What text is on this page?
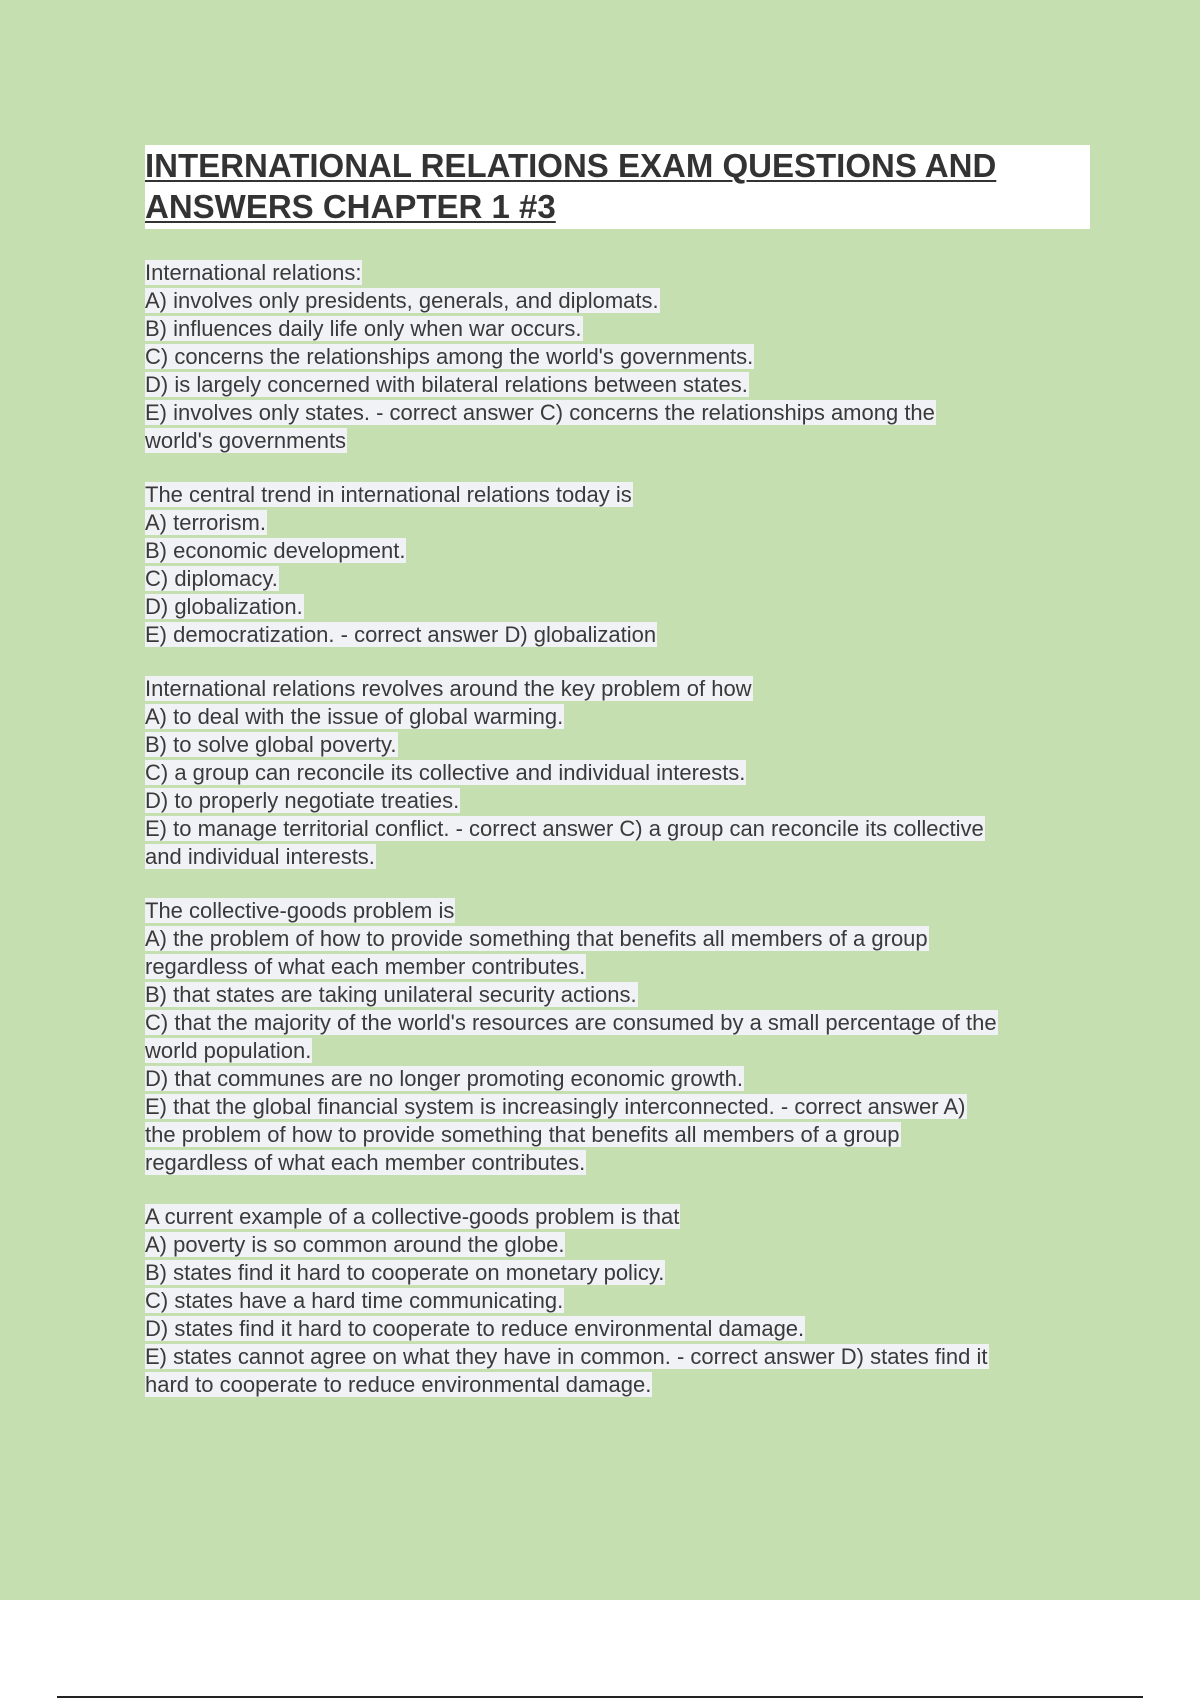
INTERNATIONAL RELATIONS EXAM QUESTIONS AND
ANSWERS CHAPTER 1 #3
International relations:
A) involves only presidents, generals, and diplomats.
B) influences daily life only when war occurs.
C) concerns the relationships among the world's governments.
D) is largely concerned with bilateral relations between states.
E) involves only states. - correct answer C) concerns the relationships among the
world's governments
The central trend in international relations today is
A) terrorism.
B) economic development.
C) diplomacy.
D) globalization.
E) democratization. - correct answer D) globalization
International relations revolves around the key problem of how
A) to deal with the issue of global warming.
B) to solve global poverty.
C) a group can reconcile its collective and individual interests.
D) to properly negotiate treaties.
E) to manage territorial conflict. - correct answer C) a group can reconcile its collective
and individual interests.
The collective-goods problem is
A) the problem of how to provide something that benefits all members of a group
regardless of what each member contributes.
B) that states are taking unilateral security actions.
C) that the majority of the world's resources are consumed by a small percentage of the
world population.
D) that communes are no longer promoting economic growth.
E) that the global financial system is increasingly interconnected. - correct answer A)
the problem of how to provide something that benefits all members of a group
regardless of what each member contributes.
A current example of a collective-goods problem is that
A) poverty is so common around the globe.
B) states find it hard to cooperate on monetary policy.
C) states have a hard time communicating.
D) states find it hard to cooperate to reduce environmental damage.
E) states cannot agree on what they have in common. - correct answer D) states find it
hard to cooperate to reduce environmental damage.
